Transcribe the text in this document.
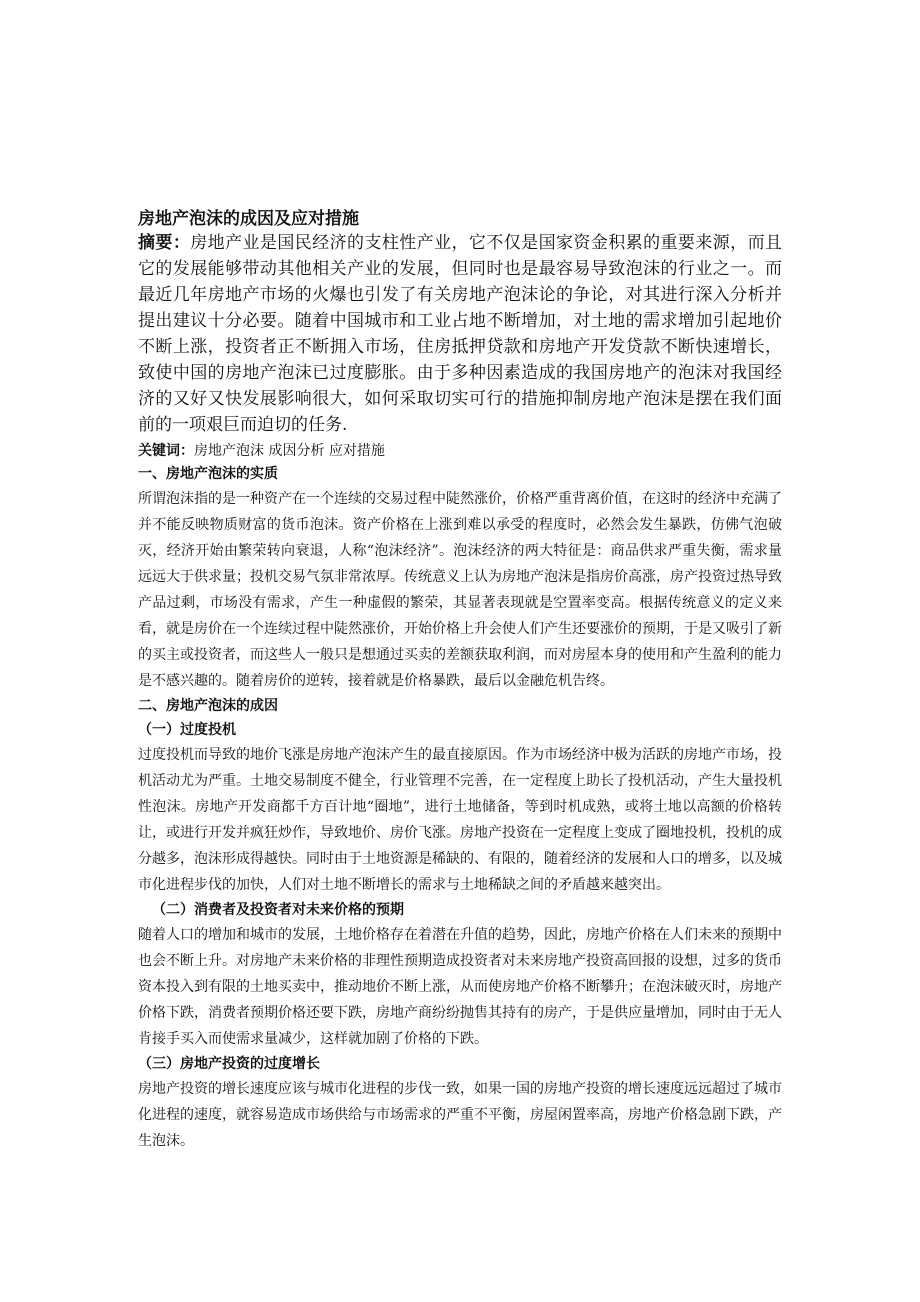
房地产泡沫的成因及应对措施

摘要：房地产业是国民经济的支柱性产业，它不仅是国家资金积累的重要来源，而且它的发展能够带动其他相关产业的发展，但同时也是最容易导致泡沫的行业之一。而最近几年房地产市场的火爆也引发了有关房地产泡沫论的争论，对其进行深入分析并提出建议十分必要。随着中国城市和工业占地不断增加，对土地的需求增加引起地价不断上涨，投资者正不断拥入市场，住房抵押贷款和房地产开发贷款不断快速增长，致使中国的房地产泡沫已过度膨胀。由于多种因素造成的我国房地产的泡沫对我国经济的又好又快发展影响很大，如何采取切实可行的措施抑制房地产泡沫是摆在我们面前的一项艰巨而迫切的任务.

关键词：房地产泡沫 成因分析 应对措施

一、房地产泡沫的实质

所谓泡沫指的是一种资产在一个连续的交易过程中陡然涨价，价格严重背离价值，在这时的经济中充满了并不能反映物质财富的货币泡沫。资产价格在上涨到难以承受的程度时，必然会发生暴跌，仿佛气泡破灭，经济开始由繁荣转向衰退，人称“泡沫经济”。泡沫经济的两大特征是：商品供求严重失衡，需求量远远大于供求量；投机交易气氛非常浓厚。传统意义上认为房地产泡沫是指房价高涨，房产投资过热导致产品过剩，市场没有需求，产生一种虚假的繁荣，其显著表现就是空置率变高。根据传统意义的定义来看，就是房价在一个连续过程中陡然涨价，开始价格上升会使人们产生还要涨价的预期，于是又吸引了新的买主或投资者，而这些人一般只是想通过买卖的差额获取利润，而对房屋本身的使用和产生盈利的能力是不感兴趣的。随着房价的逆转，接着就是价格暴跌，最后以金融危机告终。

二、房地产泡沫的成因

（一）过度投机

过度投机而导致的地价飞涨是房地产泡沫产生的最直接原因。作为市场经济中极为活跃的房地产市场，投机活动尤为严重。土地交易制度不健全，行业管理不完善，在一定程度上助长了投机活动，产生大量投机性泡沫。房地产开发商都千方百计地“圈地”，进行土地储备，等到时机成熟，或将土地以高额的价格转让，或进行开发并疯狂炒作，导致地价、房价飞涨。房地产投资在一定程度上变成了圈地投机，投机的成分越多，泡沫形成得越快。同时由于土地资源是稀缺的、有限的，随着经济的发展和人口的增多，以及城市化进程步伐的加快，人们对土地不断增长的需求与土地稀缺之间的矛盾越来越突出。

（二）消费者及投资者对未来价格的预期

随着人口的增加和城市的发展，土地价格存在着潜在升值的趋势，因此，房地产价格在人们未来的预期中也会不断上升。对房地产未来价格的非理性预期造成投资者对未来房地产投资高回报的设想，过多的货币资本投入到有限的土地买卖中，推动地价不断上涨，从而使房地产价格不断攀升；在泡沫破灭时，房地产价格下跌，消费者预期价格还要下跌，房地产商纷纷抛售其持有的房产，于是供应量增加，同时由于无人肯接手买入而使需求量减少，这样就加剧了价格的下跌。

（三）房地产投资的过度增长

房地产投资的增长速度应该与城市化进程的步伐一致，如果一国的房地产投资的增长速度远远超过了城市化进程的速度，就容易造成市场供给与市场需求的严重不平衡，房屋闲置率高，房地产价格急剧下跌，产生泡沫。
